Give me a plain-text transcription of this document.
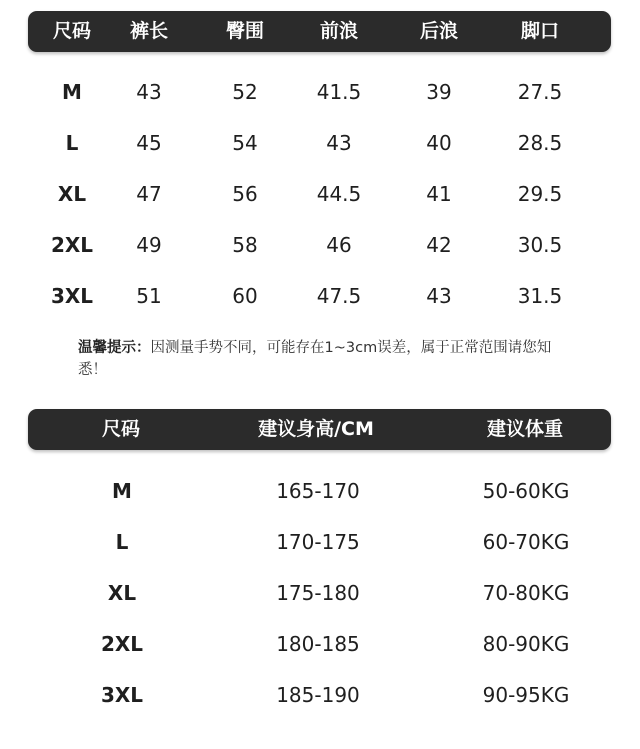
尺码 裤长	臀围	前浪	后浪	脚口
M	43	52	41.5	39	27.5
L	45	54	43	40	28.5
XL	47	56	44.5	41	29.5
2XL 49	58	46	42	30.5
3XL 51	60	47.5	43	31.5
温馨提示：因测量手势不同，可能存在1~3cm误差，属于正常范围请您知悉！
尺码	建议身高/CM	建议体重
M	165-170	50-60KG
L	170-175	60-70KG
XL	175-180	70-80KG
2XL	180-185	80-90KG
3XL	185-190	90-95KG
